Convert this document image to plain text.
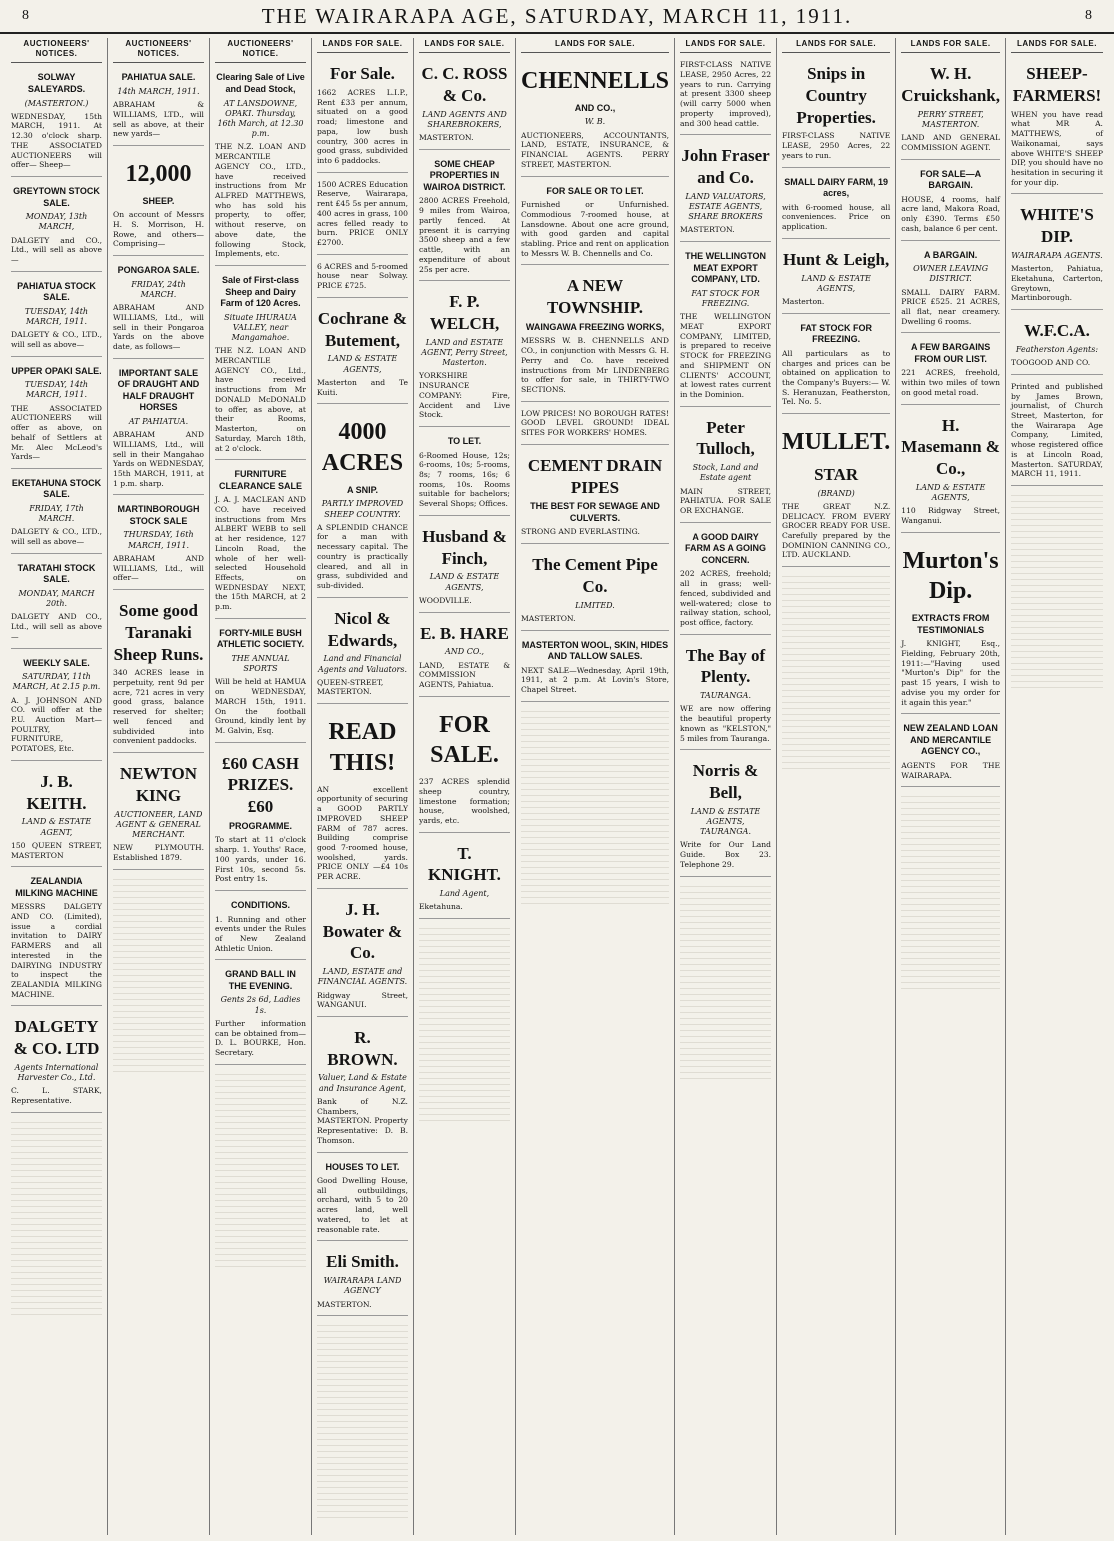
8	THE WAIRARAPA AGE, SATURDAY, MARCH 11, 1911.	8
AUCTIONEERS' NOTICES.
SOLWAY SALEYARDS.
(MASTERTON.)
WEDNESDAY, 15th MARCH, 1911. At 12.30 o'clock sharp. THE ASSOCIATED AUCTIONEERS will offer— Sheep—
GREYTOWN STOCK SALE.
MONDAY, 13th MARCH,
DALGETY and CO., Ltd., will sell as above—
PAHIATUA STOCK SALE.
TUESDAY, 14th MARCH, 1911.
DALGETY & CO., LTD., will sell as above—
UPPER OPAKI SALE.
TUESDAY, 14th MARCH, 1911.
THE ASSOCIATED AUCTIONEERS will offer as above, on behalf of Settlers at Mr. Alec McLeod's Yards—
EKETAHUNA STOCK SALE.
FRIDAY, 17th MARCH.
DALGETY & CO., LTD., will sell as above—
TARATAHI STOCK SALE.
MONDAY, MARCH 20th.
DALGETY AND CO., Ltd., will sell as above—
WEEKLY SALE.
SATURDAY, 11th MARCH, At 2.15 p.m.
A. J. JOHNSON AND CO. will offer at the P.U. Auction Mart—POULTRY, FURNITURE, POTATOES, Etc.
J. B. KEITH.
LAND & ESTATE AGENT,
150 QUEEN STREET, MASTERTON
ZEALANDIA MILKING MACHINE
MESSRS DALGETY AND CO. (Limited), issue a cordial invitation to DAIRY FARMERS and all interested in the DAIRYING INDUSTRY to inspect the ZEALANDIA MILKING MACHINE.
DALGETY & CO. LTD
Agents International Harvester Co., Ltd.
C. L. STARK, Representative.
AUCTIONEERS' NOTICES.
PAHIATUA SALE.
14th MARCH, 1911.
ABRAHAM & WILLIAMS, LTD., will sell as above, at their new yards—
12,000
SHEEP.
On account of Messrs H. S. Morrison, H. Rowe, and others— Comprising—
PONGAROA SALE.
FRIDAY, 24th MARCH.
ABRAHAM AND WILLIAMS, Ltd., will sell in their Pongaroa Yards on the above date, as follows—
IMPORTANT SALE OF DRAUGHT AND HALF DRAUGHT HORSES
AT PAHIATUA.
ABRAHAM AND WILLIAMS, Ltd., will sell in their Mangahao Yards on WEDNESDAY, 15th MARCH, 1911, at 1 p.m. sharp.
MARTINBOROUGH STOCK SALE
THURSDAY, 16th MARCH, 1911.
ABRAHAM AND WILLIAMS, Ltd., will offer—
Some good Taranaki Sheep Runs.
340 ACRES lease in perpetuity, rent 9d per acre, 721 acres in very good grass, balance reserved for shelter; well fenced and subdivided into convenient paddocks.
NEWTON KING
AUCTIONEER, LAND AGENT & GENERAL MERCHANT.
NEW PLYMOUTH. Established 1879.
AUCTIONEERS' NOTICE.
Clearing Sale of Live and Dead Stock,
AT LANSDOWNE, OPAKI. Thursday, 16th March, at 12.30 p.m.
THE N.Z. LOAN AND MERCANTILE AGENCY CO., LTD., have received instructions from Mr ALFRED MATTHEWS, who has sold his property, to offer, without reserve, on above date, the following Stock, Implements, etc.
Sale of First-class Sheep and Dairy Farm of 120 Acres.
Situate IHURAUA VALLEY, near Mangamahoe.
THE N.Z. LOAN AND MERCANTILE AGENCY CO., Ltd., have received instructions from Mr DONALD McDONALD to offer, as above, at their Rooms, Masterton, on Saturday, March 18th, at 2 o'clock.
FURNITURE CLEARANCE SALE
J. A. J. MACLEAN AND CO. have received instructions from Mrs ALBERT WEBB to sell at her residence, 127 Lincoln Road, the whole of her well-selected Household Effects, on WEDNESDAY NEXT, the 15th MARCH, at 2 p.m.
FORTY-MILE BUSH ATHLETIC SOCIETY.
THE ANNUAL SPORTS
Will be held at HAMUA on WEDNESDAY, MARCH 15th, 1911. On the football Ground, kindly lent by M. Galvin, Esq.
£60 CASH PRIZES. £60
PROGRAMME.
To start at 11 o'clock sharp. 1. Youths' Race, 100 yards, under 16. First 10s, second 5s. Post entry 1s.
CONDITIONS.
1. Running and other events under the Rules of New Zealand Athletic Union.
GRAND BALL IN THE EVENING.
Gents 2s 6d, Ladies 1s.
Further information can be obtained from— D. L. BOURKE, Hon. Secretary.
LANDS FOR SALE.
For Sale.
1662 ACRES L.I.P., Rent £33 per annum, situated on a good road; limestone and papa, low bush country, 300 acres in good grass, subdivided into 6 paddocks.
1500 ACRES Education Reserve, Wairarapa, rent £45 5s per annum, 400 acres in grass, 100 acres felled ready to burn. PRICE ONLY £2700.
6 ACRES and 5-roomed house near Solway. PRICE £725.
Cochrane & Butement,
LAND & ESTATE AGENTS,
Masterton and Te Kuiti.
4000 ACRES
A SNIP.
PARTLY IMPROVED SHEEP COUNTRY.
A SPLENDID CHANCE for a man with necessary capital. The country is practically cleared, and all in grass, subdivided and sub-divided.
Nicol & Edwards,
Land and Financial Agents and Valuators.
QUEEN-STREET, MASTERTON.
READ THIS!
AN excellent opportunity of securing a GOOD PARTLY IMPROVED SHEEP FARM of 787 acres. Building comprise good 7-roomed house, woolshed, yards. PRICE ONLY —£4 10s PER ACRE.
J. H. Bowater & Co.
LAND, ESTATE and FINANCIAL AGENTS.
Ridgway Street, WANGANUI.
R. BROWN.
Valuer, Land & Estate and Insurance Agent,
Bank of N.Z. Chambers, MASTERTON. Property Representative: D. B. Thomson.
HOUSES TO LET.
Good Dwelling House, all outbuildings, orchard, with 5 to 20 acres land, well watered, to let at reasonable rate.
Eli Smith.
WAIRARAPA LAND AGENCY
MASTERTON.
LANDS FOR SALE.
C. C. ROSS & Co.
LAND AGENTS AND SHAREBROKERS,
MASTERTON.
SOME CHEAP PROPERTIES IN WAIROA DISTRICT.
2800 ACRES Freehold, 9 miles from Wairoa, partly fenced. At present it is carrying 3500 sheep and a few cattle, with an expenditure of about 25s per acre.
F. P. WELCH,
LAND and ESTATE AGENT, Perry Street, Masterton.
YORKSHIRE INSURANCE COMPANY: Fire, Accident and Live Stock.
TO LET.
6-Roomed House, 12s; 6-rooms, 10s; 5-rooms, 8s; 7 rooms, 16s; 6 rooms, 10s. Rooms suitable for bachelors; Several Shops; Offices.
Husband & Finch,
LAND & ESTATE AGENTS,
WOODVILLE.
E. B. HARE
AND CO.,
LAND, ESTATE & COMMISSION AGENTS, Pahiatua.
FOR SALE.
237 ACRES splendid sheep country, limestone formation; house, woolshed, yards, etc.
T. KNIGHT.
Land Agent,
Eketahuna.
LANDS FOR SALE.
CHENNELLS
AND CO.,
W. B.
AUCTIONEERS, ACCOUNTANTS, LAND, ESTATE, INSURANCE, & FINANCIAL AGENTS. PERRY STREET, MASTERTON.
FOR SALE OR TO LET.
Furnished or Unfurnished. Commodious 7-roomed house, at Lansdowne. About one acre ground, with good garden and capital stabling. Price and rent on application to Messrs W. B. Chennells and Co.
A NEW TOWNSHIP.
WAINGAWA FREEZING WORKS,
MESSRS W. B. CHENNELLS AND CO., in conjunction with Messrs G. H. Perry and Co. have received instructions from Mr LINDENBERG to offer for sale, in THIRTY-TWO SECTIONS.
LOW PRICES! NO BOROUGH RATES! GOOD LEVEL GROUND! IDEAL SITES FOR WORKERS' HOMES.
CEMENT DRAIN PIPES
THE BEST FOR SEWAGE AND CULVERTS.
STRONG AND EVERLASTING.
The Cement Pipe Co.
LIMITED.
MASTERTON.
MASTERTON WOOL, SKIN, HIDES AND TALLOW SALES.
NEXT SALE—Wednesday, April 19th, 1911, at 2 p.m. At Lovin's Store, Chapel Street.
LANDS FOR SALE.
FIRST-CLASS NATIVE LEASE, 2950 Acres, 22 years to run. Carrying at present 3300 sheep (will carry 5000 when property improved), and 300 head cattle.
John Fraser and Co.
LAND VALUATORS, ESTATE AGENTS, SHARE BROKERS
MASTERTON.
THE WELLINGTON MEAT EXPORT COMPANY, LTD.
FAT STOCK FOR FREEZING.
THE WELLINGTON MEAT EXPORT COMPANY, LIMITED, is prepared to receive STOCK for FREEZING and SHIPMENT ON CLIENTS' ACCOUNT, at lowest rates current in the Dominion.
Peter Tulloch,
Stock, Land and Estate agent
MAIN STREET, PAHIATUA. FOR SALE OR EXCHANGE.
A GOOD DAIRY FARM AS A GOING CONCERN.
202 ACRES, freehold; all in grass; well-fenced, subdivided and well-watered; close to railway station, school, post office, factory.
The Bay of Plenty.
TAURANGA.
WE are now offering the beautiful property known as "KELSTON," 5 miles from Tauranga.
Norris & Bell,
LAND & ESTATE AGENTS, TAURANGA.
Write for Our Land Guide. Box 23. Telephone 29.
LANDS FOR SALE.
Snips in Country Properties.
FIRST-CLASS NATIVE LEASE, 2950 Acres, 22 years to run.
SMALL DAIRY FARM, 19 acres,
with 6-roomed house, all conveniences. Price on application.
Hunt & Leigh,
LAND & ESTATE AGENTS,
Masterton.
FAT STOCK FOR FREEZING.
All particulars as to charges and prices can be obtained on application to the Company's Buyers:— W. S. Heranuzan, Featherston, Tel. No. 5.
MULLET.
STAR
(BRAND)
THE GREAT N.Z. DELICACY. FROM EVERY GROCER READY FOR USE. Carefully prepared by the DOMINION CANNING CO., LTD. AUCKLAND.
LANDS FOR SALE.
W. H. Cruickshank,
PERRY STREET, MASTERTON.
LAND AND GENERAL COMMISSION AGENT.
FOR SALE—A BARGAIN.
HOUSE, 4 rooms, half acre land, Makora Road, only £390. Terms £50 cash, balance 6 per cent.
A BARGAIN.
OWNER LEAVING DISTRICT.
SMALL DAIRY FARM. PRICE £525. 21 ACRES, all flat, near creamery. Dwelling 6 rooms.
A FEW BARGAINS FROM OUR LIST.
221 ACRES, freehold, within two miles of town on good metal road.
H. Masemann & Co.,
LAND & ESTATE AGENTS,
110 Ridgway Street, Wanganui.
Murton's Dip.
EXTRACTS FROM TESTIMONIALS
J. KNIGHT, Esq., Fielding, February 20th, 1911:—"Having used "Murton's Dip" for the past 15 years, I wish to advise you my order for it again this year."
NEW ZEALAND LOAN AND MERCANTILE AGENCY CO.,
AGENTS FOR THE WAIRARAPA.
LANDS FOR SALE.
SHEEP-FARMERS!
WHEN you have read what MR A. MATTHEWS, of Waikonamai, says above WHITE'S SHEEP DIP, you should have no hesitation in securing it for your dip.
WHITE'S DIP.
WAIRARAPA AGENTS.
Masterton, Pahiatua, Eketahuna, Carterton, Greytown, Martinborough.
W.F.C.A.
Featherston Agents:
TOOGOOD AND CO.
Printed and published by James Brown, journalist, of Church Street, Masterton, for the Wairarapa Age Company, Limited, whose registered office is at Lincoln Road, Masterton. SATURDAY, MARCH 11, 1911.
